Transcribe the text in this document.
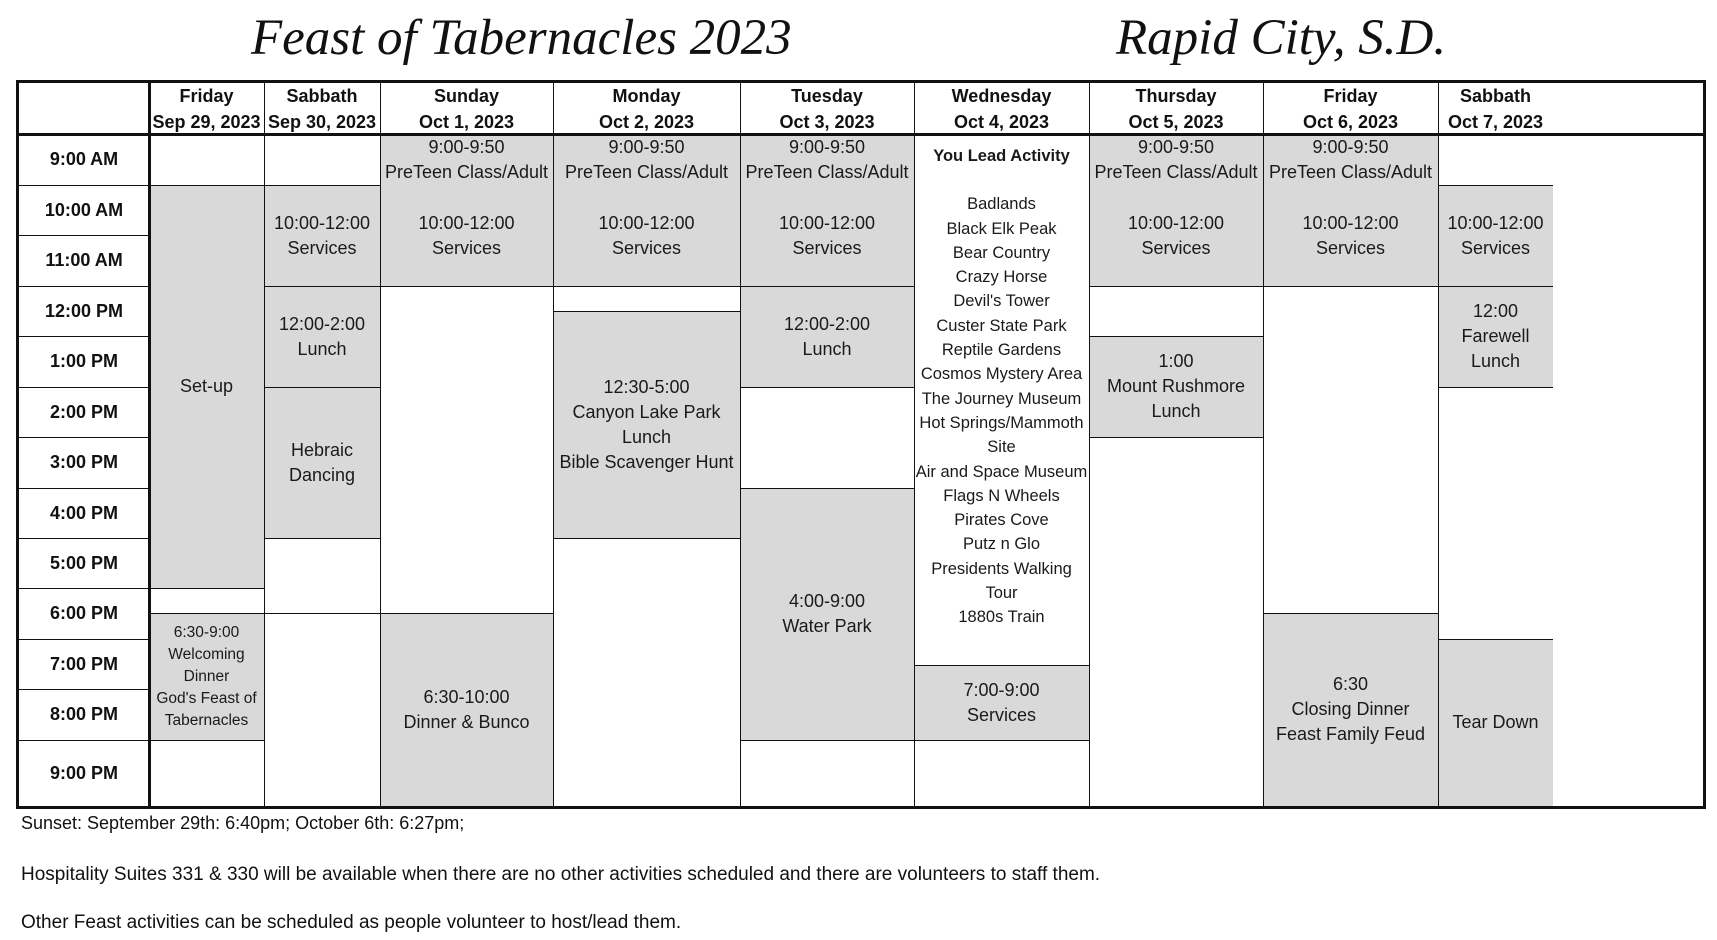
Feast of Tabernacles 2023	Rapid City, S.D.
Friday
Sep 29, 2023
Sabbath
Sep 30, 2023
Sunday
Oct 1, 2023
Monday
Oct 2, 2023
Tuesday
Oct 3, 2023
Wednesday
Oct 4, 2023
Thursday
Oct 5, 2023
Friday
Oct 6, 2023
Sabbath
Oct 7, 2023
9:00 AM
10:00 AM
11:00 AM
12:00 PM
1:00 PM
2:00 PM
3:00 PM
4:00 PM
5:00 PM
6:00 PM
7:00 PM
8:00 PM
9:00 PM
Set-up
6:30-9:00
Welcoming
Dinner
God's Feast of
Tabernacles
10:00-12:00
Services
12:00-2:00
Lunch
Hebraic
Dancing
9:00-9:50
PreTeen Class/Adult
10:00-12:00
Services
6:30-10:00
Dinner & Bunco
9:00-9:50
PreTeen Class/Adult
10:00-12:00
Services
12:30-5:00
Canyon Lake Park
Lunch
Bible Scavenger Hunt
9:00-9:50
PreTeen Class/Adult
10:00-12:00
Services
12:00-2:00
Lunch
4:00-9:00
Water Park
You Lead Activity
Badlands
Black Elk Peak
Bear Country
Crazy Horse
Devil's Tower
Custer State Park
Reptile Gardens
Cosmos Mystery Area
The Journey Museum
Hot Springs/Mammoth
Site
Air and Space Museum
Flags N Wheels
Pirates Cove
Putz n Glo
Presidents Walking
Tour
1880s Train
7:00-9:00
Services
9:00-9:50
PreTeen Class/Adult
10:00-12:00
Services
1:00
Mount Rushmore
Lunch
9:00-9:50
PreTeen Class/Adult
10:00-12:00
Services
6:30
Closing Dinner
Feast Family Feud
10:00-12:00
Services
12:00
Farewell
Lunch
Tear Down
Sunset: September 29th: 6:40pm; October 6th: 6:27pm;
Hospitality Suites 331 & 330 will be available when there are no other activities scheduled and there are volunteers to staff them.
Other Feast activities can be scheduled as people volunteer to host/lead them.
